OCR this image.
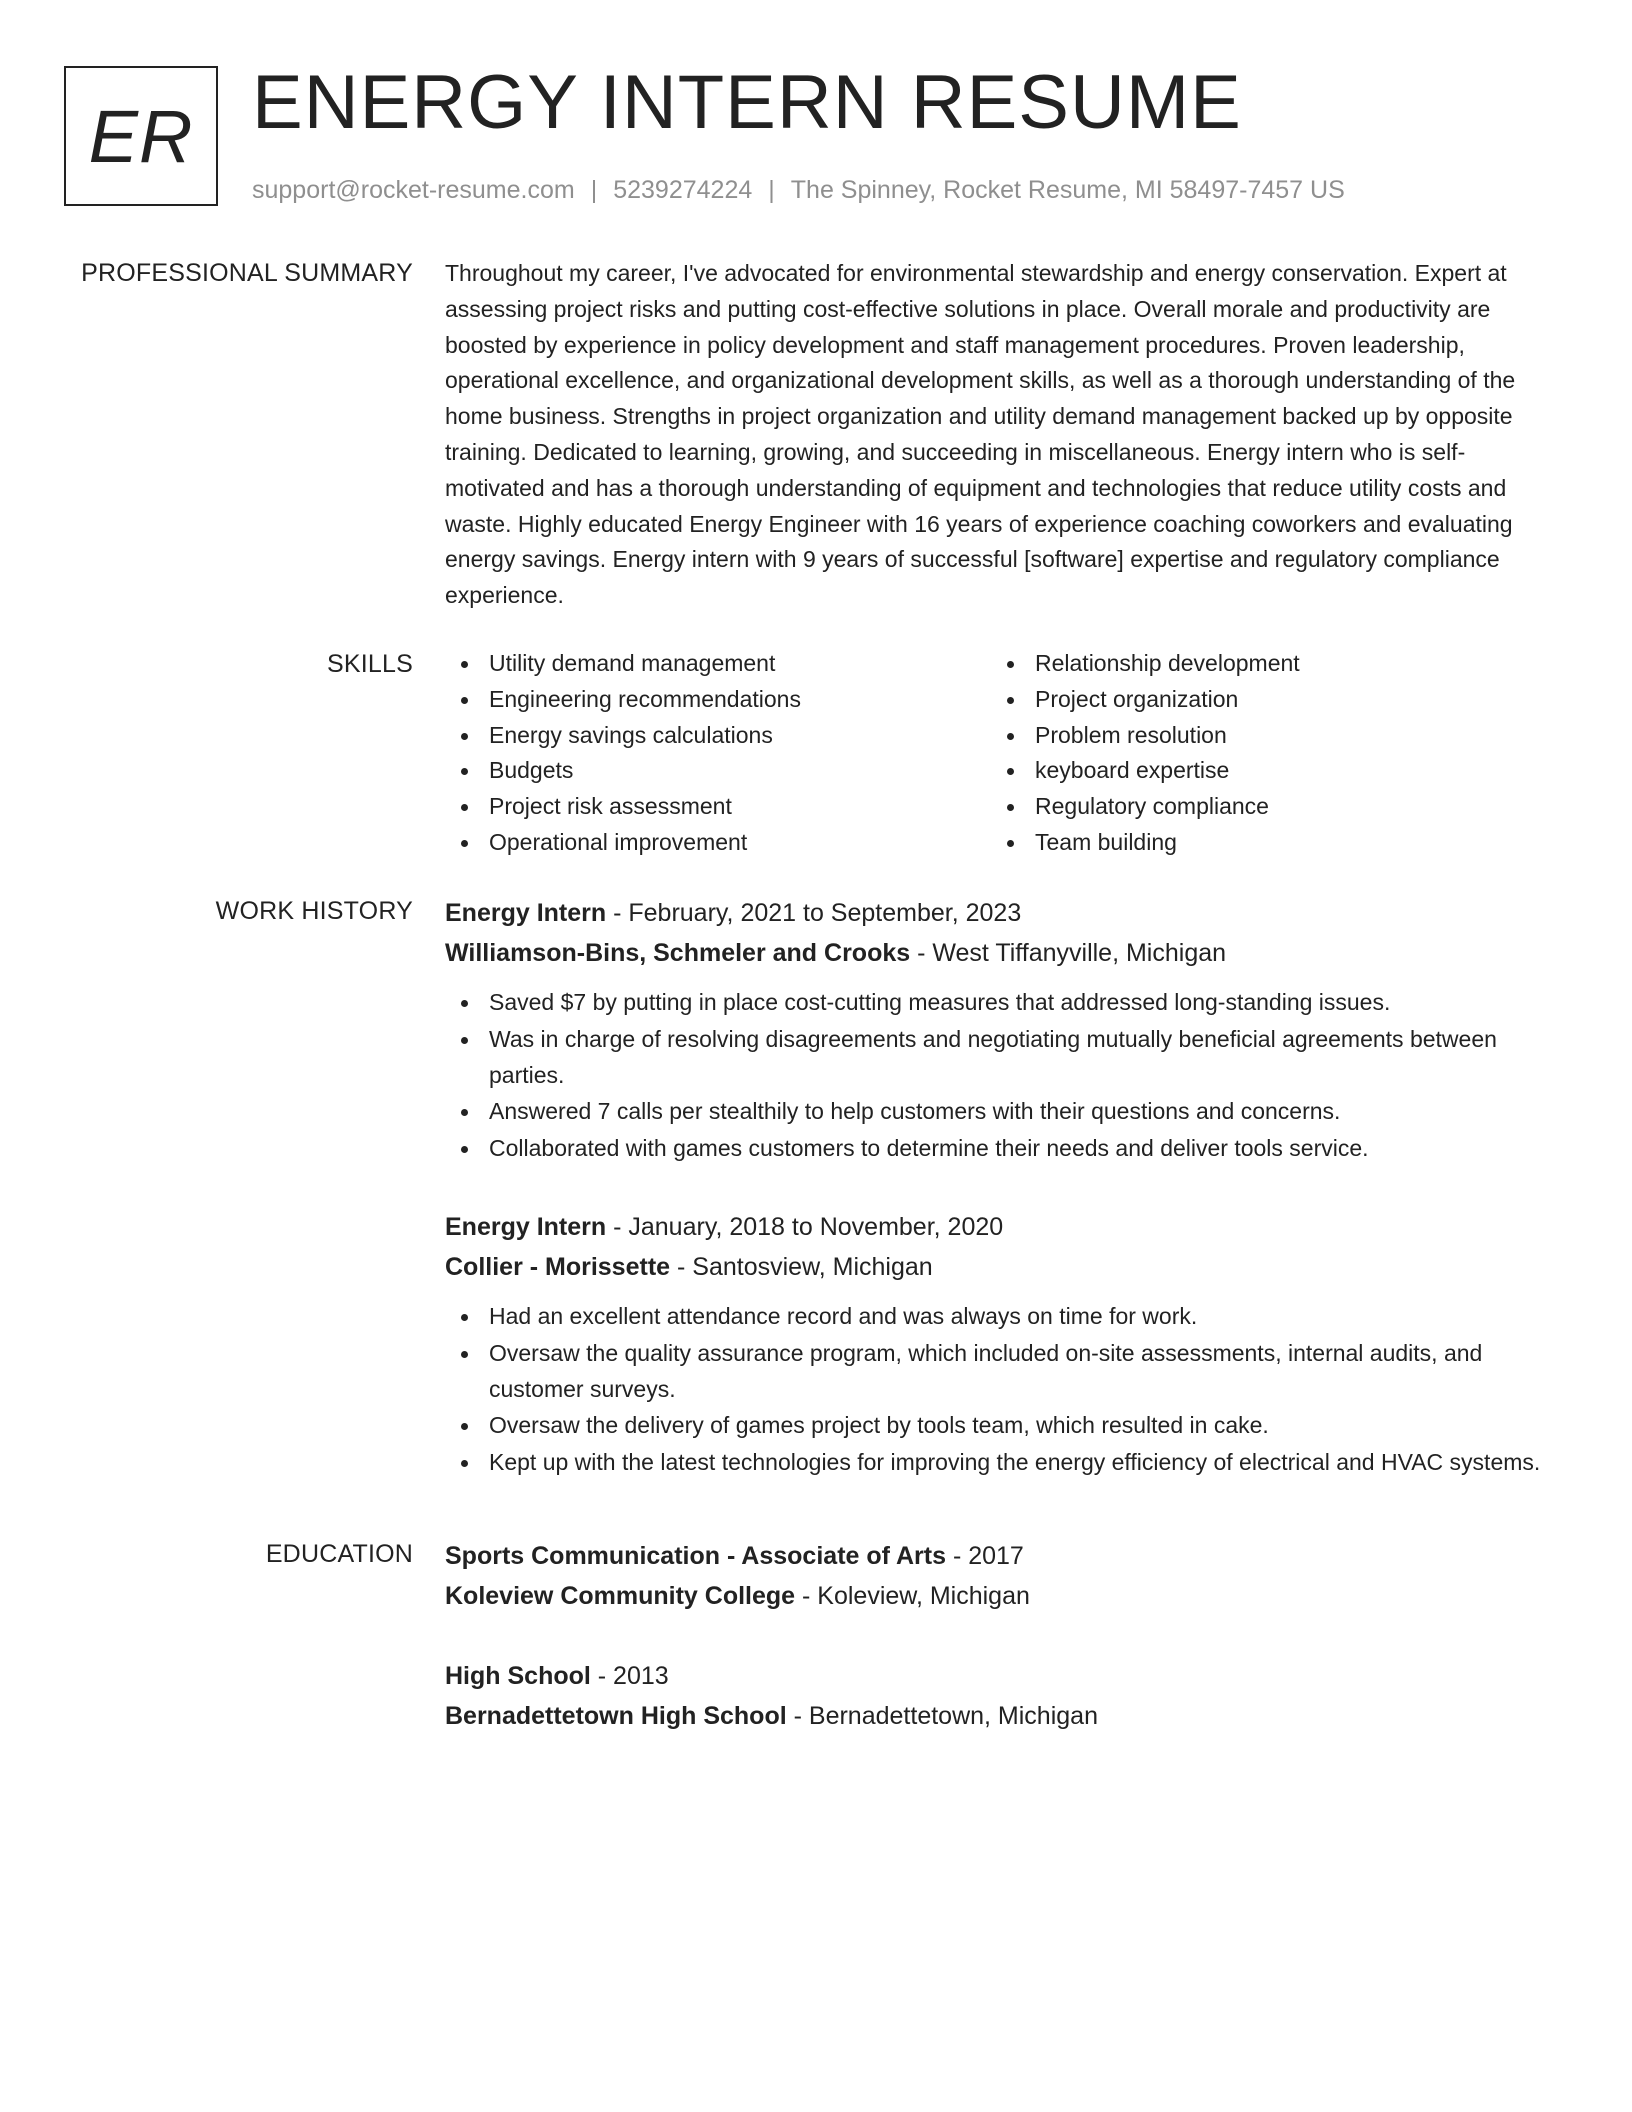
ER ENERGY INTERN RESUME
support@rocket-resume.com | 5239274224 | The Spinney, Rocket Resume, MI 58497-7457 US
PROFESSIONAL SUMMARY Throughout my career, I've advocated for environmental stewardship and energy conservation. Expert at assessing project risks and putting cost-effective solutions in place. Overall morale and productivity are boosted by experience in policy development and staff management procedures. Proven leadership, operational excellence, and organizational development skills, as well as a thorough understanding of the home business. Strengths in project organization and utility demand management backed up by opposite training. Dedicated to learning, growing, and succeeding in miscellaneous. Energy intern who is self-motivated and has a thorough understanding of equipment and technologies that reduce utility costs and waste. Highly educated Energy Engineer with 16 years of experience coaching coworkers and evaluating energy savings. Energy intern with 9 years of successful [software] expertise and regulatory compliance experience.

SKILLS	Utility demand management
Engineering recommendations
Energy savings calculations
Budgets
Project risk assessment
Operational improvement
Relationship development
Project organization
Problem resolution
keyboard expertise
Regulatory compliance
Team building
WORK HISTORY Energy Intern - February, 2021 to September, 2023
Williamson-Bins, Schmeler and Crooks - West Tiffanyville, Michigan
Saved $7 by putting in place cost-cutting measures that addressed long-standing issues.
Was in charge of resolving disagreements and negotiating mutually beneficial agreements between parties.
Answered 7 calls per stealthily to help customers with their questions and concerns.
Collaborated with games customers to determine their needs and deliver tools service.
Energy Intern - January, 2018 to November, 2020
Collier - Morissette - Santosview, Michigan
Had an excellent attendance record and was always on time for work.
Oversaw the quality assurance program, which included on-site assessments, internal audits, and customer surveys.
Oversaw the delivery of games project by tools team, which resulted in cake.
Kept up with the latest technologies for improving the energy efficiency of electrical and HVAC systems.
EDUCATION Sports Communication - Associate of Arts - 2017
Koleview Community College - Koleview, Michigan
High School - 2013
Bernadettetown High School - Bernadettetown, Michigan
